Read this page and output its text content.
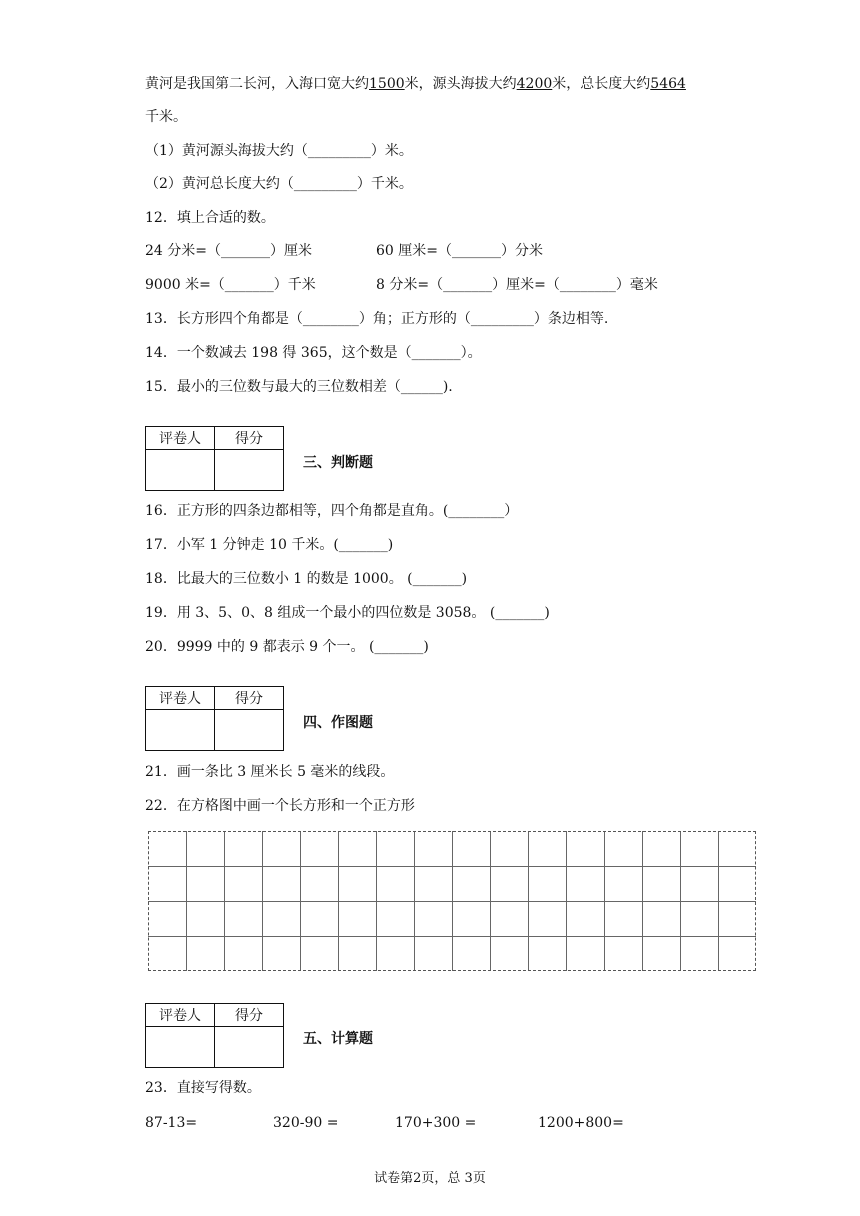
黄河是我国第二长河，入海口宽大约1500米，源头海拔大约4200米，总长度大约5464
千米。
（1）黄河源头海拔大约（_________）米。
（2）黄河总长度大约（_________）千米。
12．填上合适的数。
24 分米=（_______）厘米	60 厘米=（_______）分米
9000 米=（_______）千米	8 分米=（_______）厘米=（________）毫米
13．长方形四个角都是（________）角；正方形的（_________）条边相等.
14．一个数减去 198 得 365，这个数是（_______）。
15．最小的三位数与最大的三位数相差（______).
评卷人	得分

三、判断题
16．正方形的四条边都相等，四个角都是直角。(________）
17．小军 1 分钟走 10 千米。(_______)
18．比最大的三位数小 1 的数是 1000。 (_______)
19．用 3、5、0、8 组成一个最小的四位数是 3058。 (_______)
20．9999 中的 9 都表示 9 个一。 (_______)
评卷人	得分

四、作图题
21．画一条比 3 厘米长 5 毫米的线段。
22．在方格图中画一个长方形和一个正方形
评卷人	得分

五、计算题
23．直接写得数。
87-13=	320-90 =	170+300 =	1200+800=
试卷第2页，总 3页
